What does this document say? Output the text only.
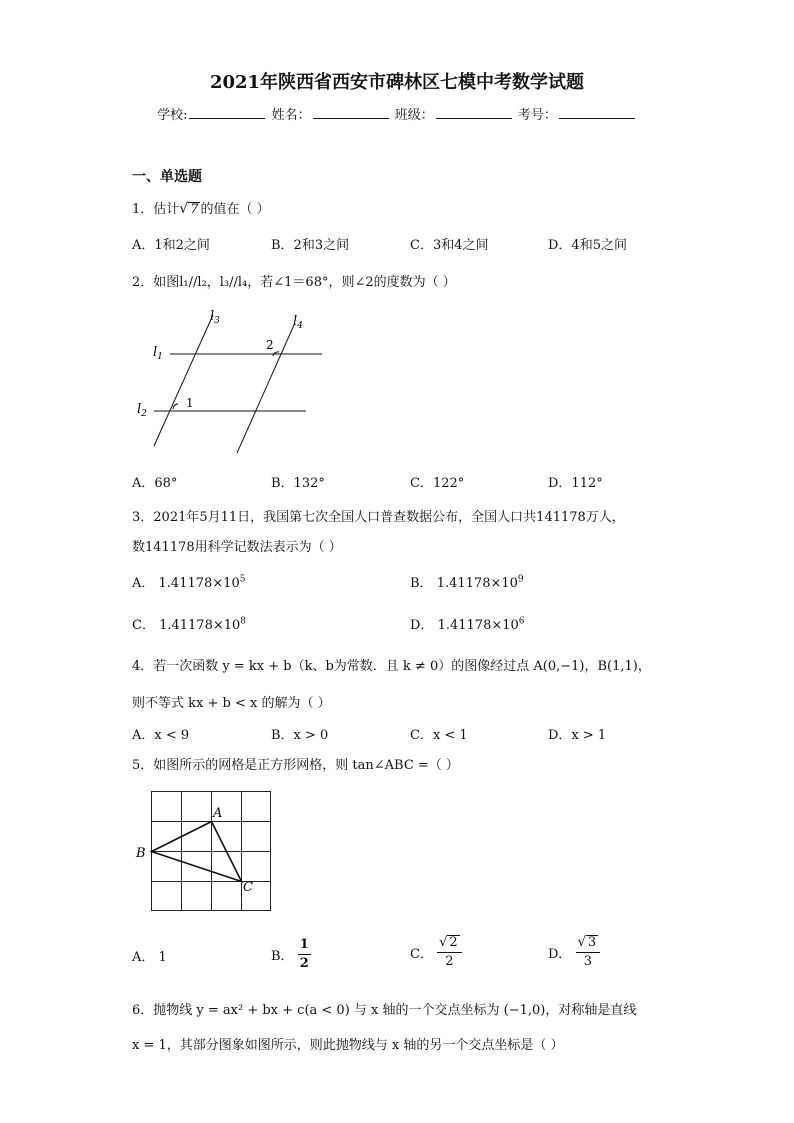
2021年陕西省西安市碑林区七模中考数学试题
学校:	姓名：	班级：	考号：
一、单选题
1．估计√ 7 的值在（ ）
A．1和2之间	B．2和3之间	C．3和4之间	D．4和5之间
2．如图l₁//l₂，l₃//l₄，若∠1＝68°，则∠2的度数为（ ）
$l_1$
$l_2$
$l_3$	$l_4$
1
2
A．68°	B．132°	C．122°	D．112°
3．2021年5月11日，我国第七次全国人口普查数据公布，全国人口共141178万人，
数141178用科学记数法表示为（ ）
A． $1.41178\times 10^5$	B． $1.41178\times 10^9$
C． $1.41178\times 10^8$	D． $1.41178\times 10^6$
4．若一次函数 y = kx + b（k、b为常数．且 k ≠ 0）的图像经过点 A(0,−1)，B(1,1)，
则不等式 kx + b < x 的解为（ ）
A．x < 9	B．x > 0	C．x < 1	D．x > 1
5．如图所示的网格是正方形网格，则 tan∠ABC =（ ）
A
B
C
A． 1	B． $\frac{1}{2}$	C． $\frac{√ 2}{2}$	D． $\frac{√ 3}{3}$
6．抛物线 y = ax² + bx + c(a < 0) 与 x 轴的一个交点坐标为 (−1,0)，对称轴是直线
x = 1，其部分图象如图所示，则此抛物线与 x 轴的另一个交点坐标是（ ）
